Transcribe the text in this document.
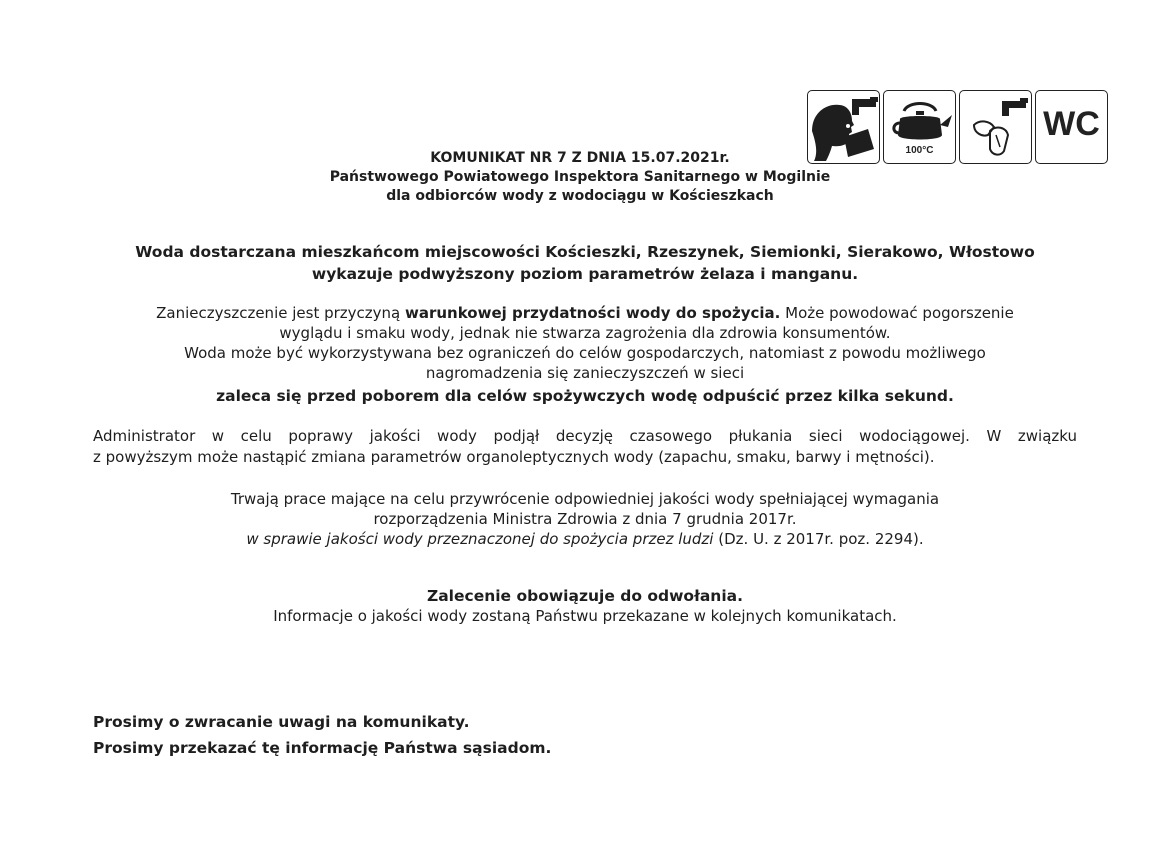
100°C
WC
KOMUNIKAT NR 7 Z DNIA 15.07.2021r.
Państwowego Powiatowego Inspektora Sanitarnego w Mogilnie
dla odbiorców wody z wodociągu w Kościeszkach
Woda dostarczana mieszkańcom miejscowości Kościeszki, Rzeszynek, Siemionki, Sierakowo, Włostowo
wykazuje podwyższony poziom parametrów żelaza i manganu.
Zanieczyszczenie jest przyczyną warunkowej przydatności wody do spożycia. Może powodować pogorszenie
wyglądu i smaku wody, jednak nie stwarza zagrożenia dla zdrowia konsumentów.
Woda może być wykorzystywana bez ograniczeń do celów gospodarczych, natomiast z powodu możliwego
nagromadzenia się zanieczyszczeń w sieci
zaleca się przed poborem dla celów spożywczych wodę odpuścić przez kilka sekund.
Administrator w celu poprawy jakości wody podjął decyzję czasowego płukania sieci wodociągowej. W związku
z powyższym może nastąpić zmiana parametrów organoleptycznych wody (zapachu, smaku, barwy i mętności).
Trwają prace mające na celu przywrócenie odpowiedniej jakości wody spełniającej wymagania
rozporządzenia Ministra Zdrowia z dnia 7 grudnia 2017r.
w sprawie jakości wody przeznaczonej do spożycia przez ludzi (Dz. U. z 2017r. poz. 2294).
Zalecenie obowiązuje do odwołania.
Informacje o jakości wody zostaną Państwu przekazane w kolejnych komunikatach.
Prosimy o zwracanie uwagi na komunikaty.
Prosimy przekazać tę informację Państwa sąsiadom.
